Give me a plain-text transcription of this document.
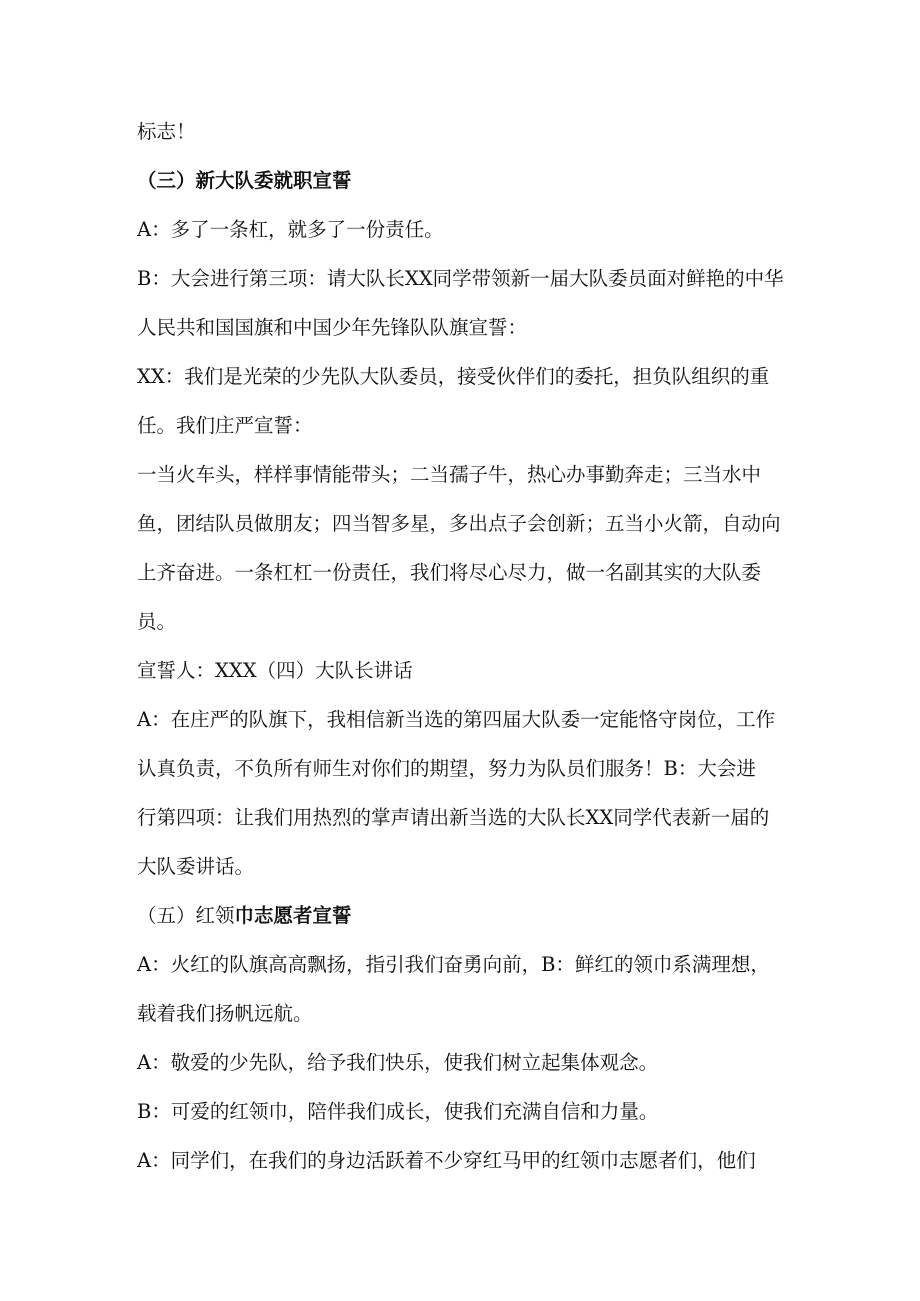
标志！

（三）新大队委就职宣誓

A：多了一条杠，就多了一份责任。

B：大会进行第三项：请大队长XX同学带领新一届大队委员面对鲜艳的中华

人民共和国国旗和中国少年先锋队队旗宣誓：

XX：我们是光荣的少先队大队委员，接受伙伴们的委托，担负队组织的重

任。我们庄严宣誓：

一当火车头，样样事情能带头；二当孺子牛，热心办事勤奔走；三当水中

鱼，团结队员做朋友；四当智多星，多出点子会创新；五当小火箭，自动向

上齐奋进。一条杠杠一份责任，我们将尽心尽力，做一名副其实的大队委

员。

宣誓人：XXX（四）大队长讲话

A：在庄严的队旗下，我相信新当选的第四届大队委一定能恪守岗位，工作

认真负责，不负所有师生对你们的期望，努力为队员们服务！B：大会进

行第四项：让我们用热烈的掌声请出新当选的大队长XX同学代表新一届的

大队委讲话。

（五）红领巾志愿者宣誓

A：火红的队旗高高飘扬，指引我们奋勇向前，B：鲜红的领巾系满理想，

载着我们扬帆远航。

A：敬爱的少先队，给予我们快乐，使我们树立起集体观念。

B：可爱的红领巾，陪伴我们成长，使我们充满自信和力量。

A：同学们，在我们的身边活跃着不少穿红马甲的红领巾志愿者们，他们
